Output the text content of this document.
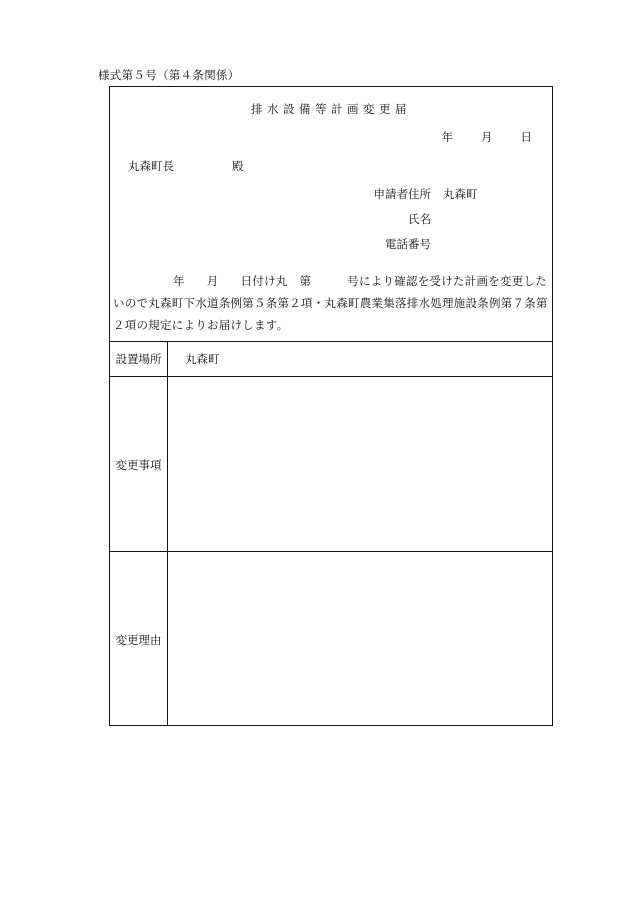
様式第５号（第４条関係）
排水設備等計画変更届
年 月 日
丸森町長	殿
申請者住所 丸森町
氏名
電話番号
年 月 日付け丸 第	号により確認を受けた計画を変更したいので丸森町下水道条例第５条第２項・丸森町農業集落排水処理施設条例第７条第２項の規定によりお届けします。
設置場所	丸森町
変更事項
変更理由
